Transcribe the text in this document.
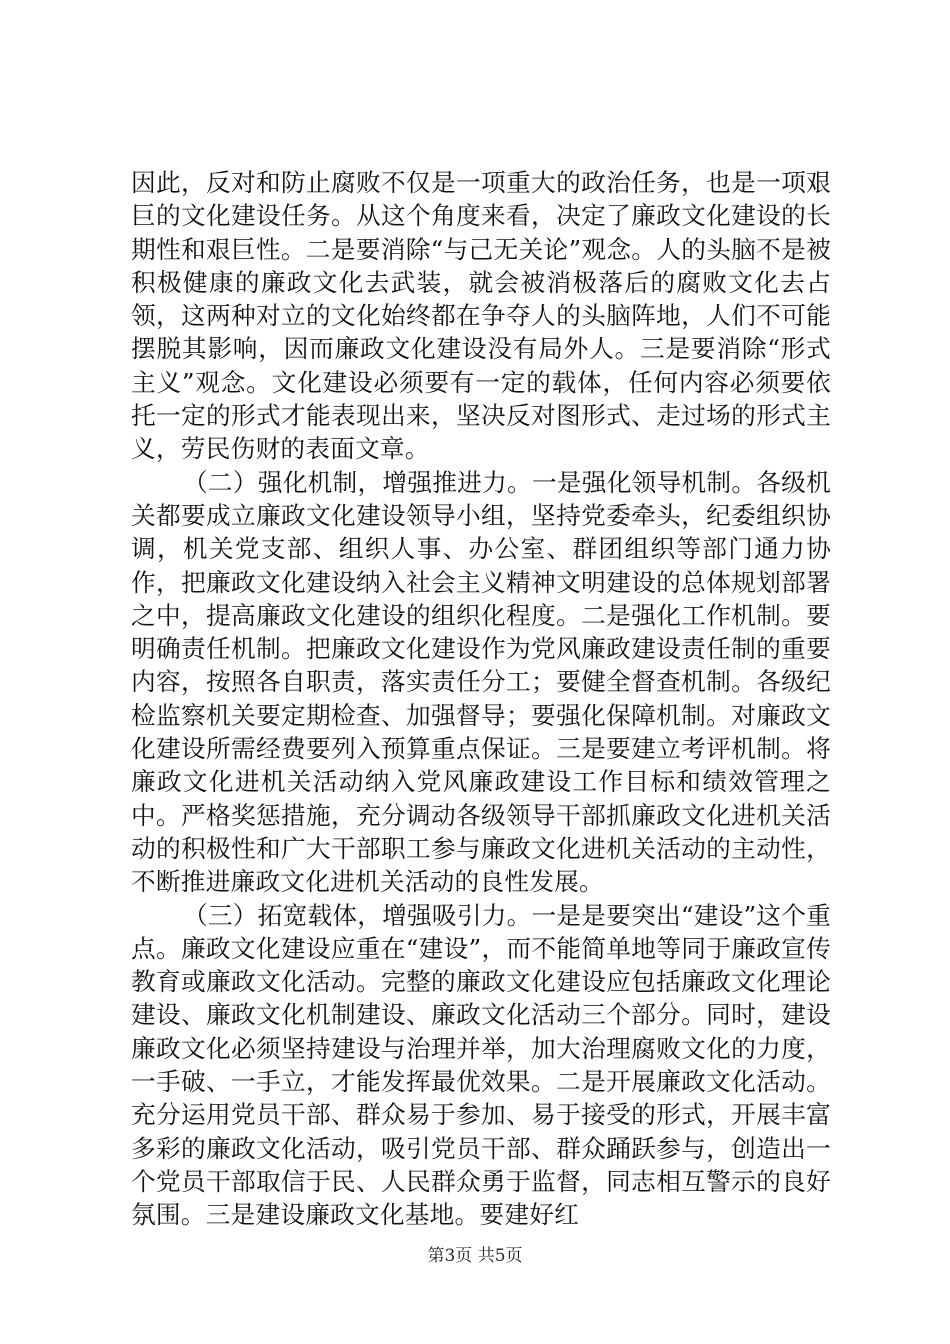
因此，反对和防止腐败不仅是一项重大的政治任务，也是一项艰巨的文化建设任务。从这个角度来看，决定了廉政文化建设的长期性和艰巨性。二是要消除“与己无关论”观念。人的头脑不是被积极健康的廉政文化去武装，就会被消极落后的腐败文化去占领，这两种对立的文化始终都在争夺人的头脑阵地，人们不可能摆脱其影响，因而廉政文化建设没有局外人。三是要消除“形式主义”观念。文化建设必须要有一定的载体，任何内容必须要依托一定的形式才能表现出来，坚决反对图形式、走过场的形式主义，劳民伤财的表面文章。

（二）强化机制，增强推进力。一是强化领导机制。各级机关都要成立廉政文化建设领导小组，坚持党委牵头，纪委组织协调，机关党支部、组织人事、办公室、群团组织等部门通力协作，把廉政文化建设纳入社会主义精神文明建设的总体规划部署之中，提高廉政文化建设的组织化程度。二是强化工作机制。要明确责任机制。把廉政文化建设作为党风廉政建设责任制的重要内容，按照各自职责，落实责任分工；要健全督查机制。各级纪检监察机关要定期检查、加强督导；要强化保障机制。对廉政文化建设所需经费要列入预算重点保证。三是要建立考评机制。将廉政文化进机关活动纳入党风廉政建设工作目标和绩效管理之中。严格奖惩措施，充分调动各级领导干部抓廉政文化进机关活动的积极性和广大干部职工参与廉政文化进机关活动的主动性，不断推进廉政文化进机关活动的良性发展。

（三）拓宽载体，增强吸引力。一是是要突出“建设”这个重点。廉政文化建设应重在“建设”，而不能简单地等同于廉政宣传教育或廉政文化活动。完整的廉政文化建设应包括廉政文化理论建设、廉政文化机制建设、廉政文化活动三个部分。同时，建设廉政文化必须坚持建设与治理并举，加大治理腐败文化的力度，一手破、一手立，才能发挥最优效果。二是开展廉政文化活动。充分运用党员干部、群众易于参加、易于接受的形式，开展丰富多彩的廉政文化活动，吸引党员干部、群众踊跃参与，创造出一个党员干部取信于民、人民群众勇于监督，同志相互警示的良好氛围。三是建设廉政文化基地。要建好红

第3页 共5页
